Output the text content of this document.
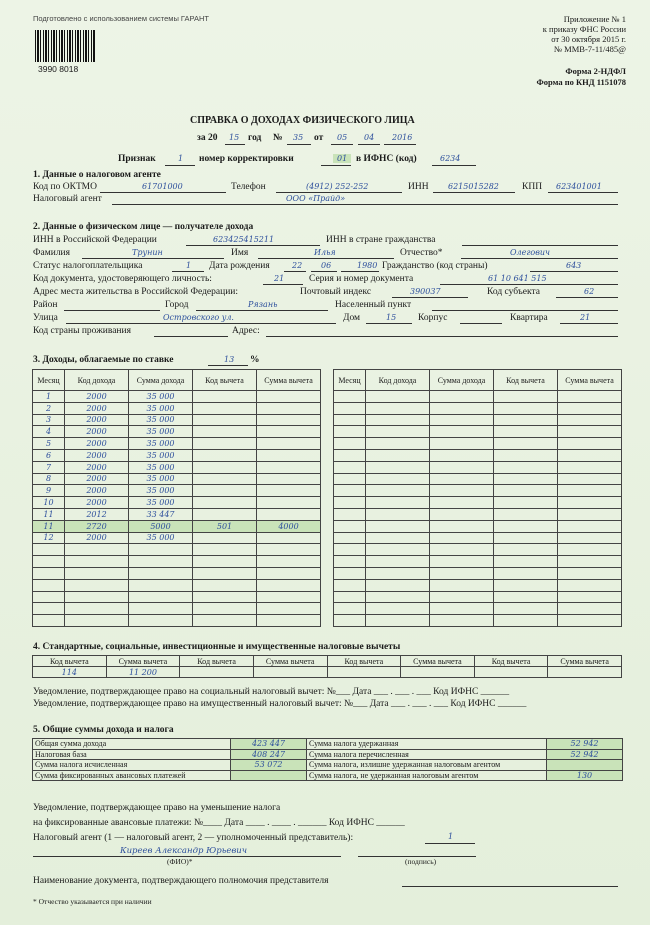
Подготовлено с использованием системы ГАРАНТ
3990 8018
Приложение № 1
к приказу ФНС России
от 30 октября 2015 г.
№ ММВ-7-11/485@
Форма 2-НДФЛ
Форма по КНД 1151078
СПРАВКА О ДОХОДАХ ФИЗИЧЕСКОГО ЛИЦА
за 20 15 год № 35 от 05 04 2016
Признак	1 номер корректировки	01 в ИФНС (код)	6234
1. Данные о налоговом агенте
Код по ОКТМО	61701000	Телефон	(4912) 252-252	ИНН 6215015282 КПП 623401001
Налоговый агент	ООО «Прайд»
2. Данные о физическом лице — получателе дохода
ИНН в Российской Федерации	623425415211	ИНН в стране гражданства
Фамилия	Трунин	Имя	Илья	Отчество*	Олегович
Статус налогоплательщика	1 Дата рождения	22 06	1980 Гражданство (код страны)	643
Код документа, удостоверяющего личность:	21	Серия и номер документа	61 10 641 515
Адрес места жительства в Российской Федерации:	Почтовый индекс	390037	Код субъекта	62
Район	Город	Рязань	Населенный пункт
Улица	Островского ул.	Дом	15 Корпус	Квартира	21
Код страны проживания	Адрес:
3. Доходы, облагаемые по ставке	13 %
Месяц	Код дохода	Сумма дохода	Код вычета	Сумма вычета
1	2000	35 000		
2	2000	35 000		
3	2000	35 000		
4	2000	35 000		
5	2000	35 000		
6	2000	35 000		
7	2000	35 000		
8	2000	35 000		
9	2000	35 000		
10	2000	35 000		
11	2012	33 447		
11	2720	5000	501	4000
12	2000	35 000		

Месяц	Код дохода	Сумма дохода	Код вычета	Сумма вычета

4. Стандартные, социальные, инвестиционные и имущественные налоговые вычеты
Код вычета	Сумма вычета	Код вычета	Сумма вычета	Код вычета	Сумма вычета	Код вычета	Сумма вычета
114	11 200						
Уведомление, подтверждающее право на социальный налоговый вычет: №___ Дата ___ . ___ . ___ Код ИФНС ______
Уведомление, подтверждающее право на имущественный налоговый вычет: №___ Дата ___ . ___ . ___ Код ИФНС ______
5. Общие суммы дохода и налога
Общая сумма дохода	423 447	Сумма налога удержанная	52 942
Налоговая база	408 247	Сумма налога перечисленная	52 942
Сумма налога исчисленная	53 072	Сумма налога, излишне удержанная налоговым агентом	
Сумма фиксированных авансовых платежей		Сумма налога, не удержанная налоговым агентом	130
Уведомление, подтверждающее право на уменьшение налога
на фиксированные авансовые платежи: №____ Дата ____ . ____ . ______ Код ИФНС ______
Налоговый агент (1 — налоговый агент, 2 — уполномоченный представитель):	1
Киреев Александр Юрьевич
(ФИО)*	(подпись)
Наименование документа, подтверждающего полномочия представителя
* Отчество указывается при наличии
